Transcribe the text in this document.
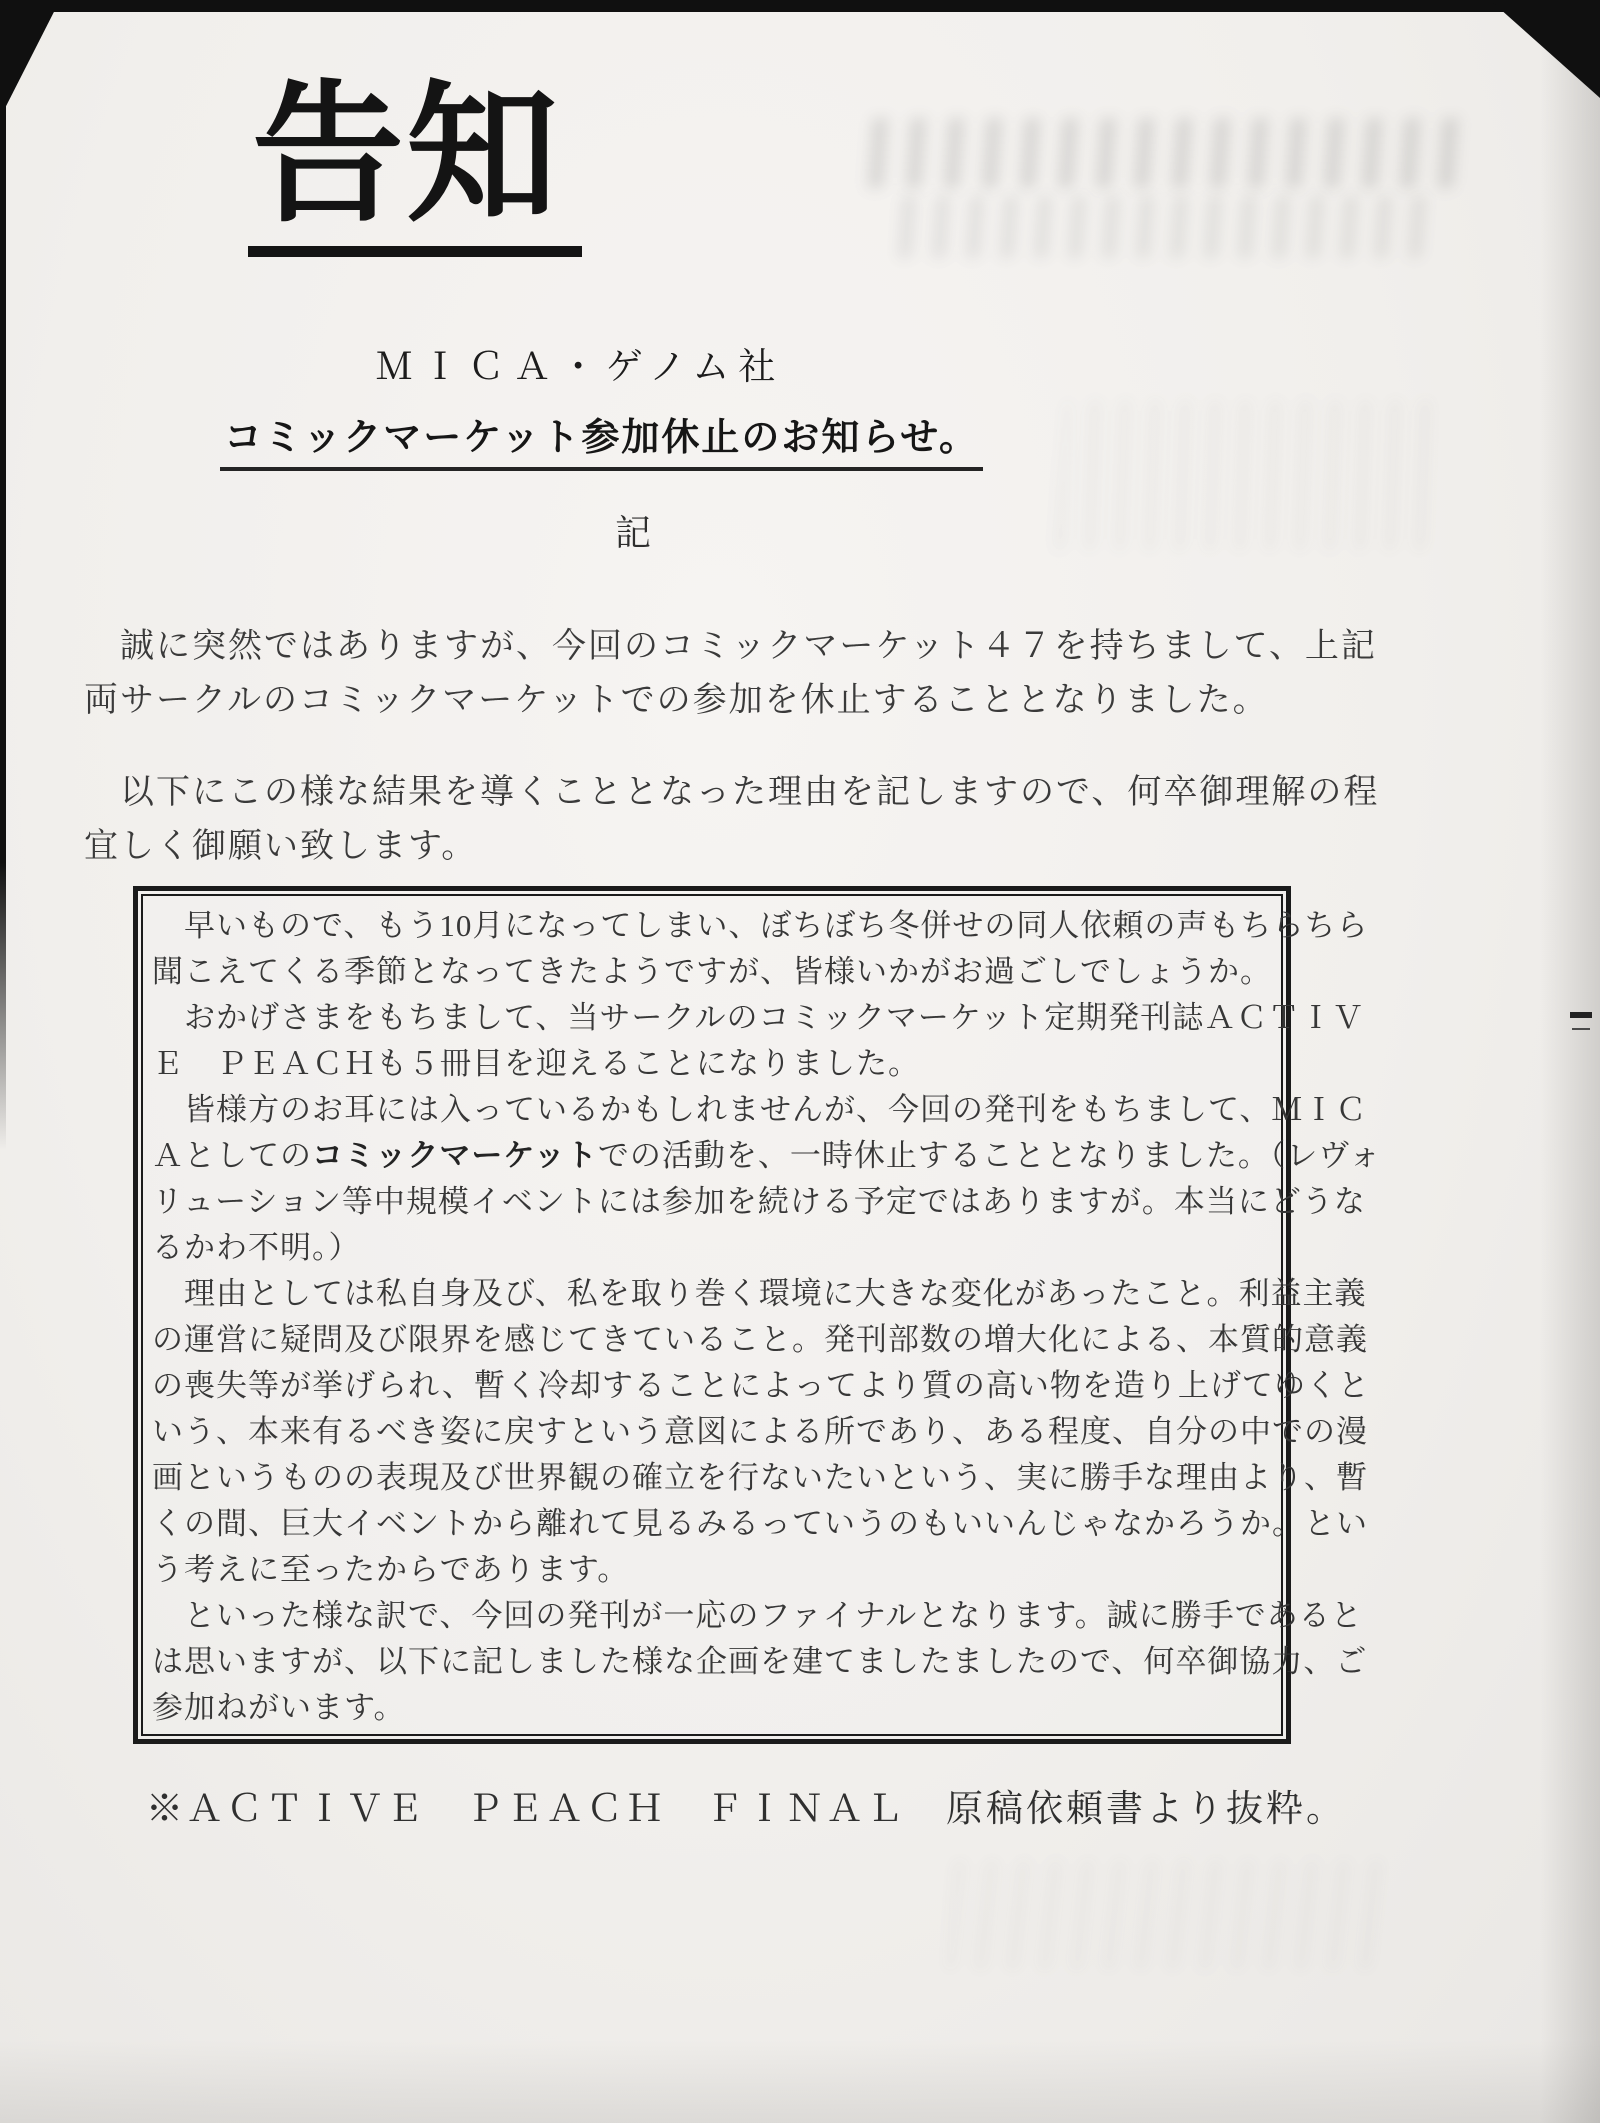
告知
ＭＩＣＡ・ゲノム社
コミックマーケット参加休止のお知らせ。
記
　誠に突然ではありますが、今回のコミックマーケット４７を持ちまして、上記
両サークルのコミックマーケットでの参加を休止することとなりました。
　以下にこの様な結果を導くこととなった理由を記しますので、何卒御理解の程
宜しく御願い致します。
　早いもので、もう10月になってしまい、ぼちぼち冬併せの同人依頼の声もちらちら
聞こえてくる季節となってきたようですが、皆様いかがお過ごしでしょうか。
　おかげさまをもちまして、当サークルのコミックマーケット定期発刊誌ＡＣＴＩＶ
Ｅ　ＰＥＡＣＨも５冊目を迎えることになりました。
　皆様方のお耳には入っているかもしれませんが、今回の発刊をもちまして、ＭＩＣ
Ａとしてのコミックマーケットでの活動を、一時休止することとなりました。（レヴォ
リューション等中規模イベントには参加を続ける予定ではありますが。本当にどうな
るかわ不明。）
　理由としては私自身及び、私を取り巻く環境に大きな変化があったこと。利益主義
の運営に疑問及び限界を感じてきていること。発刊部数の増大化による、本質的意義
の喪失等が挙げられ、暫く冷却することによってより質の高い物を造り上げてゆくと
いう、本来有るべき姿に戻すという意図による所であり、ある程度、自分の中での漫
画というものの表現及び世界観の確立を行ないたいという、実に勝手な理由より、暫
くの間、巨大イベントから離れて見るみるっていうのもいいんじゃなかろうか。とい
う考えに至ったからであります。
　といった様な訳で、今回の発刊が一応のファイナルとなります。誠に勝手であると
は思いますが、以下に記しました様な企画を建てましたましたので、何卒御協力、ご
参加ねがいます。
※ＡＣＴＩＶＥ　ＰＥＡＣＨ　ＦＩＮＡＬ　原稿依頼書より抜粋。
